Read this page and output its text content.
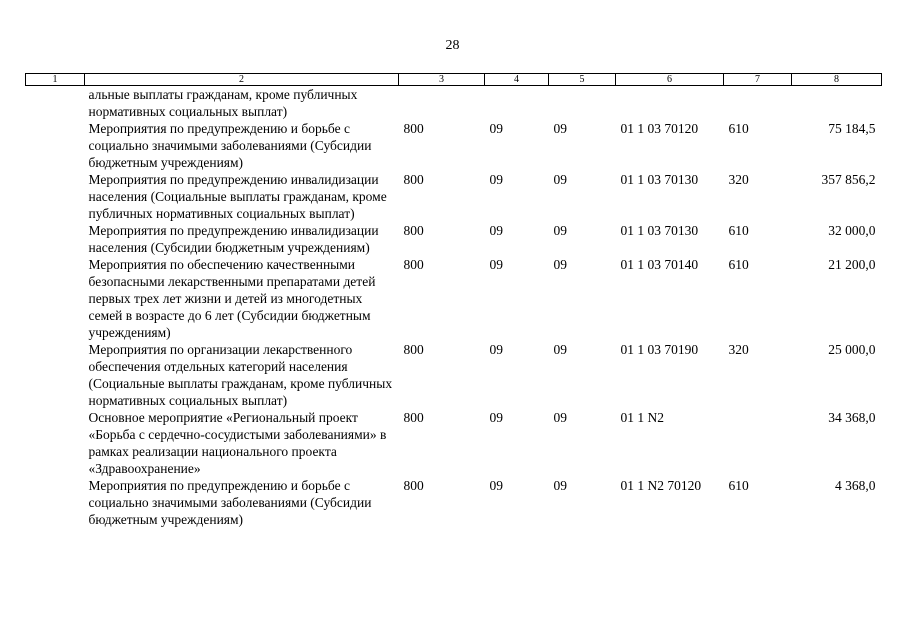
28
1	2	3	4	5	6	7	8
	альные выплаты гражданам, кроме публичных нормативных социальных выплат)						
	Мероприятия по предупреждению и борьбе с социально значимыми заболеваниями (Субсидии бюджетным учреждениям)	800	09	09	01 1 03 70120	610	75 184,5
	Мероприятия по предупреждению инвалидизации населения (Социальные выплаты гражданам, кроме публичных нормативных социальных выплат)	800	09	09	01 1 03 70130	320	357 856,2
	Мероприятия по предупреждению инвалидизации населения (Субсидии бюджетным учреждениям)	800	09	09	01 1 03 70130	610	32 000,0
	Мероприятия по обеспечению качественными безопасными лекарственными препаратами детей первых трех лет жизни и детей из многодетных семей в возрасте до 6 лет (Субсидии бюджетным учреждениям)	800	09	09	01 1 03 70140	610	21 200,0
	Мероприятия по организации лекарственного обеспечения отдельных категорий населения (Социальные выплаты гражданам, кроме публичных нормативных социальных выплат)	800	09	09	01 1 03 70190	320	25 000,0
	Основное мероприятие «Региональный проект «Борьба с сердечно-сосудистыми заболеваниями» в рамках реализации национального проекта «Здравоохранение»	800	09	09	01 1 N2		34 368,0
	Мероприятия по предупреждению и борьбе с социально значимыми заболеваниями (Субсидии бюджетным учреждениям)	800	09	09	01 1 N2 70120	610	4 368,0
